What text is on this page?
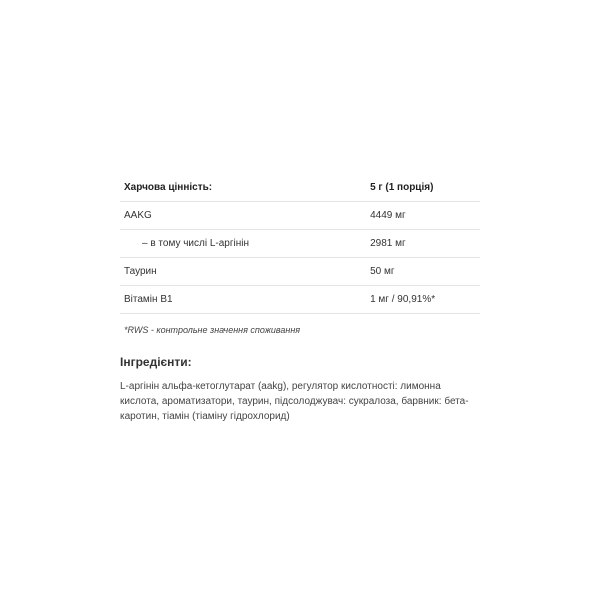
Харчова цінність:	5 г (1 порція)
AAKG	4449 мг
– в тому числі L-аргінін	2981 мг
Таурин	50 мг
Вітамін B1	1 мг / 90,91%*
*RWS - контрольне значення споживання
Інгредієнти:
L-аргінін альфа-кетоглутарат (aakg), регулятор кислотності: лимонна кислота, ароматизатори, таурин, підсолоджувач: сукралоза, барвник: бета-каротин, тіамін (тіаміну гідрохлорид)
